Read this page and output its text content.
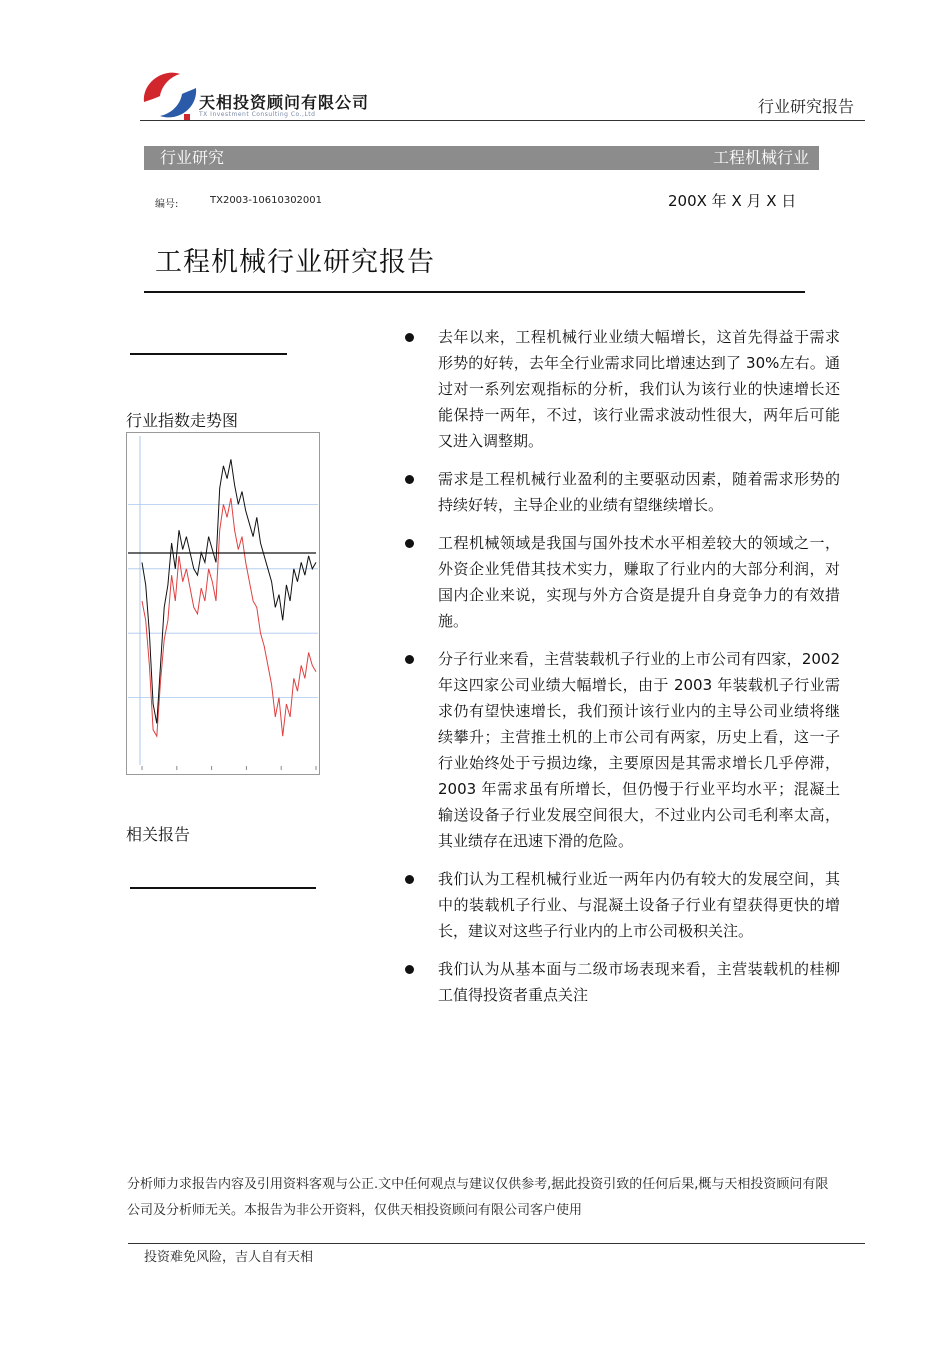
天相投资顾问有限公司
TX Investment Consulting Co.,Ltd	行业研究报告
行业研究	工程机械行业
编号:	TX2003-10610302001	200X 年 X 月 X 日
工程机械行业研究报告
行业指数走势图
相关报告
去年以来，工程机械行业业绩大幅增长，这首先得益于需求形势的好转，去年全行业需求同比增速达到了 30%左右。通过对一系列宏观指标的分析，我们认为该行业的快速增长还能保持一两年，不过，该行业需求波动性很大，两年后可能又进入调整期。
需求是工程机械行业盈利的主要驱动因素，随着需求形势的持续好转，主导企业的业绩有望继续增长。
工程机械领域是我国与国外技术水平相差较大的领域之一，外资企业凭借其技术实力，赚取了行业内的大部分利润，对国内企业来说，实现与外方合资是提升自身竞争力的有效措施。
分子行业来看，主营装载机子行业的上市公司有四家，2002 年这四家公司业绩大幅增长，由于 2003 年装载机子行业需求仍有望快速增长，我们预计该行业内的主导公司业绩将继续攀升；主营推土机的上市公司有两家，历史上看，这一子行业始终处于亏损边缘，主要原因是其需求增长几乎停滞，2003 年需求虽有所增长，但仍慢于行业平均水平；混凝土输送设备子行业发展空间很大，不过业内公司毛利率太高，其业绩存在迅速下滑的危险。
我们认为工程机械行业近一两年内仍有较大的发展空间，其中的装载机子行业、与混凝土设备子行业有望获得更快的增长，建议对这些子行业内的上市公司极积关注。
我们认为从基本面与二级市场表现来看，主营装载机的桂柳工值得投资者重点关注
分析师力求报告内容及引用资料客观与公正.文中任何观点与建议仅供参考,据此投资引致的任何后果,概与天相投资顾问有限公司及分析师无关。本报告为非公开资料，仅供天相投资顾问有限公司客户使用
投资难免风险，吉人自有天相
